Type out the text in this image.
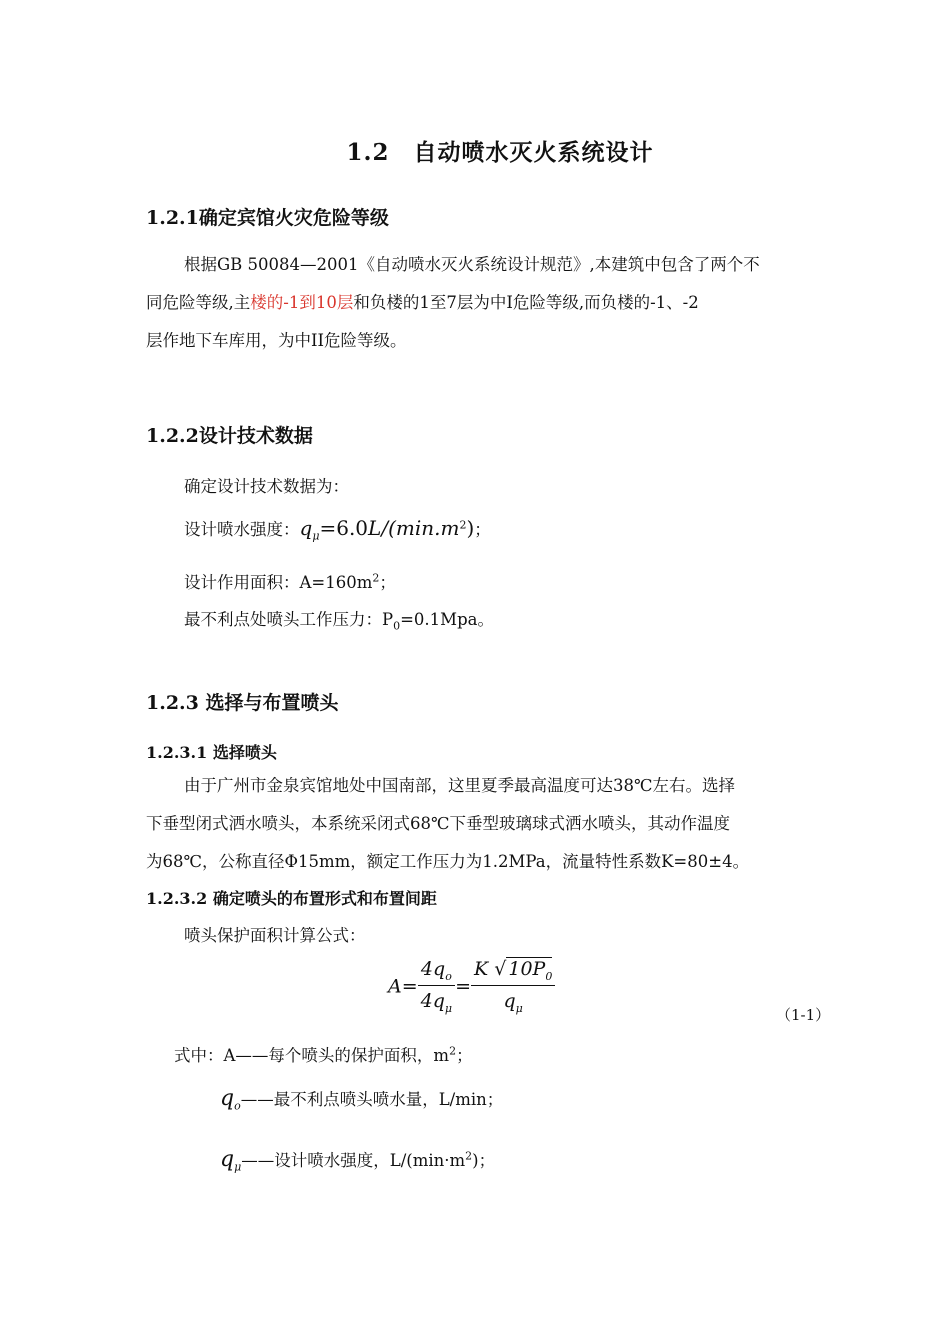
1.2　自动喷水灭火系统设计
1.2.1确定宾馆火灾危险等级
根据GB 50084—2001《自动喷水灭火系统设计规范》,本建筑中包含了两个不
同危险等级,主楼的-1到10层和负楼的1至7层为中I危险等级,而负楼的-1、-2
层作地下车库用，为中II危险等级。
1.2.2设计技术数据
确定设计技术数据为：
设计喷水强度：$q_\mu=6.0L/(\min.m^2)$；
设计作用面积：$A=160m^2$；
最不利点处喷头工作压力：$P_0=0.1Mpa$。
1.2.3 选择与布置喷头
1.2.3.1 选择喷头
由于广州市金泉宾馆地处中国南部，这里夏季最高温度可达38℃左右。选择
下垂型闭式洒水喷头，本系统采闭式68℃下垂型玻璃球式洒水喷头，其动作温度
为68℃，公称直径Φ15mm，额定工作压力为1.2MPa，流量特性系数K=80±4。
1.2.3.2 确定喷头的布置形式和布置间距
喷头保护面积计算公式：
$A= \frac{4q_o}{4q_\mu} = \frac{K √ 10P_0}{q_\mu}$
（1-1）
式中：A——每个喷头的保护面积，$m^2$；
$q_o——$最不利点喷头喷水量，L/min；
$q_\mu——$设计喷水强度，$L/(\min\cdot m^2)$；
